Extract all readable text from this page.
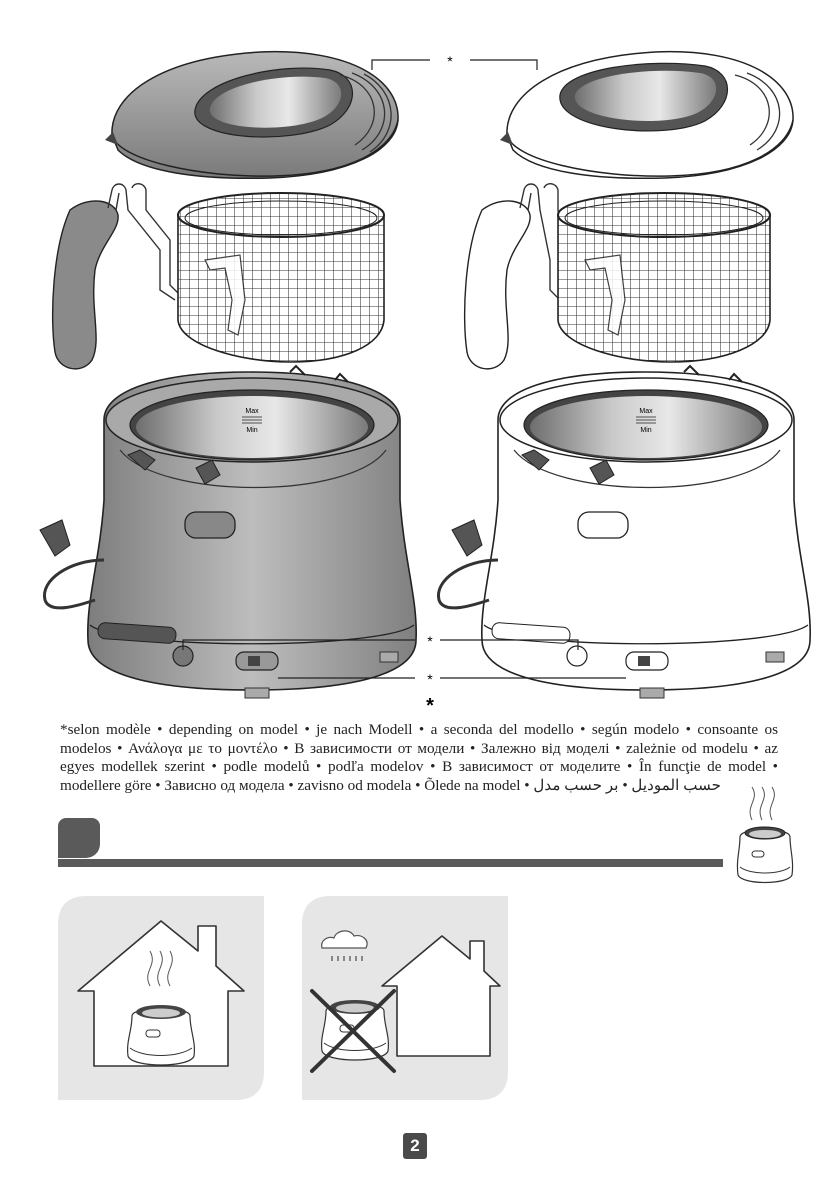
*
Max
Min
Max
Min
*
*
*
*selon modèle • depending on model • je nach Modell • a seconda del modello • según modelo • consoante os modelos • Ανάλογα με το μοντέλο • В зависимости от модели • Залежно від моделі • zależnie od modelu • az egyes modellek szerint • podle modelů • podľa modelov • В зависимост от моделите • În funcţie de model • modellere göre • Зависно од модела • zavisno od modela • Õlede na model • حسب الموديل • بر حسب مدل
2
